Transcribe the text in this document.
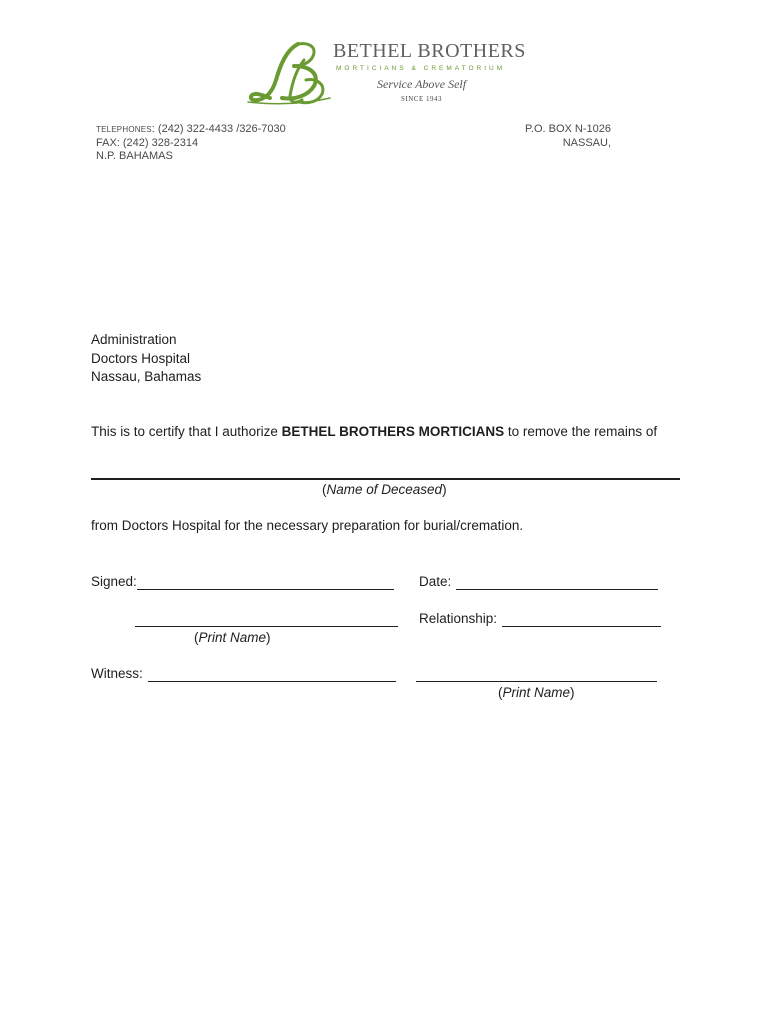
BETHEL BROTHERS
MORTICIANS & CREMATORIUM
Service Above Self
SINCE 1943
TELEPHONES: (242) 322-4433 /326-7030
FAX: (242) 328-2314
N.P. BAHAMAS
P.O. BOX N-1026
NASSAU,
Administration
Doctors Hospital
Nassau, Bahamas
This is to certify that I authorize BETHEL BROTHERS MORTICIANS to remove the remains of
(Name of Deceased)
from Doctors Hospital for the necessary preparation for burial/cremation.
Signed:	Date:
Relationship:
(Print Name)
Witness:
(Print Name)
